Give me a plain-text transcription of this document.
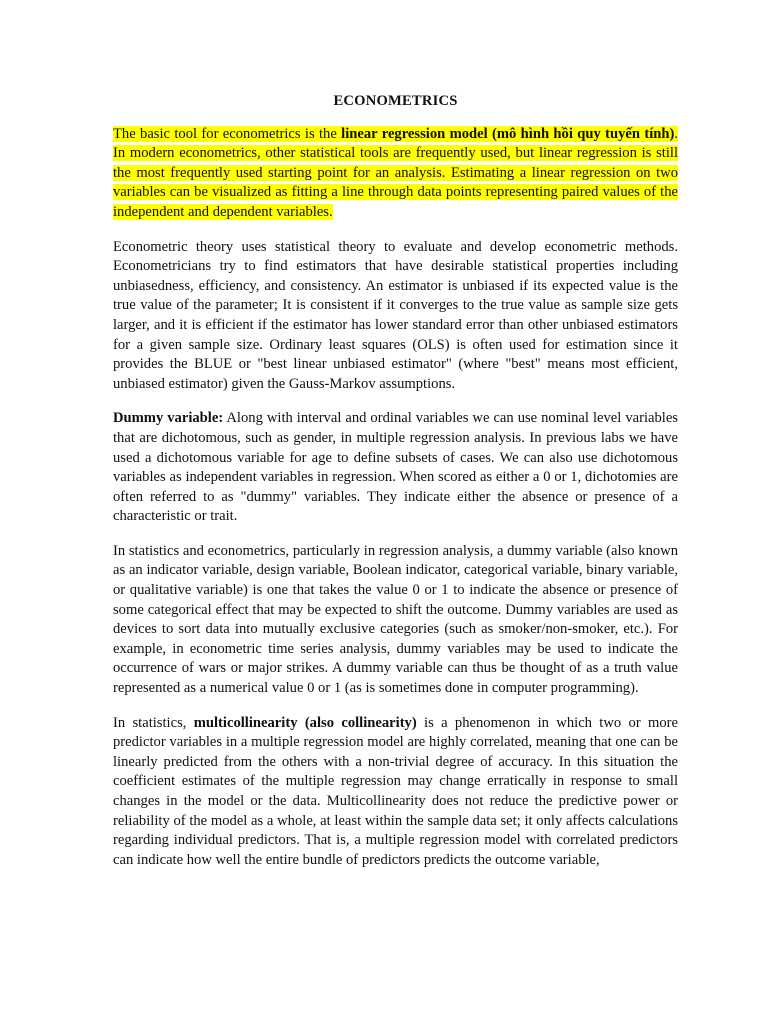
ECONOMETRICS

The basic tool for econometrics is the linear regression model (mô hình hồi quy tuyến tính). In modern econometrics, other statistical tools are frequently used, but linear regression is still the most frequently used starting point for an analysis. Estimating a linear regression on two variables can be visualized as fitting a line through data points representing paired values of the independent and dependent variables.

Econometric theory uses statistical theory to evaluate and develop econometric methods. Econometricians try to find estimators that have desirable statistical properties including unbiasedness, efficiency, and consistency. An estimator is unbiased if its expected value is the true value of the parameter; It is consistent if it converges to the true value as sample size gets larger, and it is efficient if the estimator has lower standard error than other unbiased estimators for a given sample size. Ordinary least squares (OLS) is often used for estimation since it provides the BLUE or "best linear unbiased estimator" (where "best" means most efficient, unbiased estimator) given the Gauss-Markov assumptions.

Dummy variable: Along with interval and ordinal variables we can use nominal level variables that are dichotomous, such as gender, in multiple regression analysis. In previous labs we have used a dichotomous variable for age to define subsets of cases. We can also use dichotomous variables as independent variables in regression. When scored as either a 0 or 1, dichotomies are often referred to as "dummy" variables. They indicate either the absence or presence of a characteristic or trait.

In statistics and econometrics, particularly in regression analysis, a dummy variable (also known as an indicator variable, design variable, Boolean indicator, categorical variable, binary variable, or qualitative variable) is one that takes the value 0 or 1 to indicate the absence or presence of some categorical effect that may be expected to shift the outcome. Dummy variables are used as devices to sort data into mutually exclusive categories (such as smoker/non-smoker, etc.). For example, in econometric time series analysis, dummy variables may be used to indicate the occurrence of wars or major strikes. A dummy variable can thus be thought of as a truth value represented as a numerical value 0 or 1 (as is sometimes done in computer programming).

In statistics, multicollinearity (also collinearity) is a phenomenon in which two or more predictor variables in a multiple regression model are highly correlated, meaning that one can be linearly predicted from the others with a non-trivial degree of accuracy. In this situation the coefficient estimates of the multiple regression may change erratically in response to small changes in the model or the data. Multicollinearity does not reduce the predictive power or reliability of the model as a whole, at least within the sample data set; it only affects calculations regarding individual predictors. That is, a multiple regression model with correlated predictors can indicate how well the entire bundle of predictors predicts the outcome variable,
